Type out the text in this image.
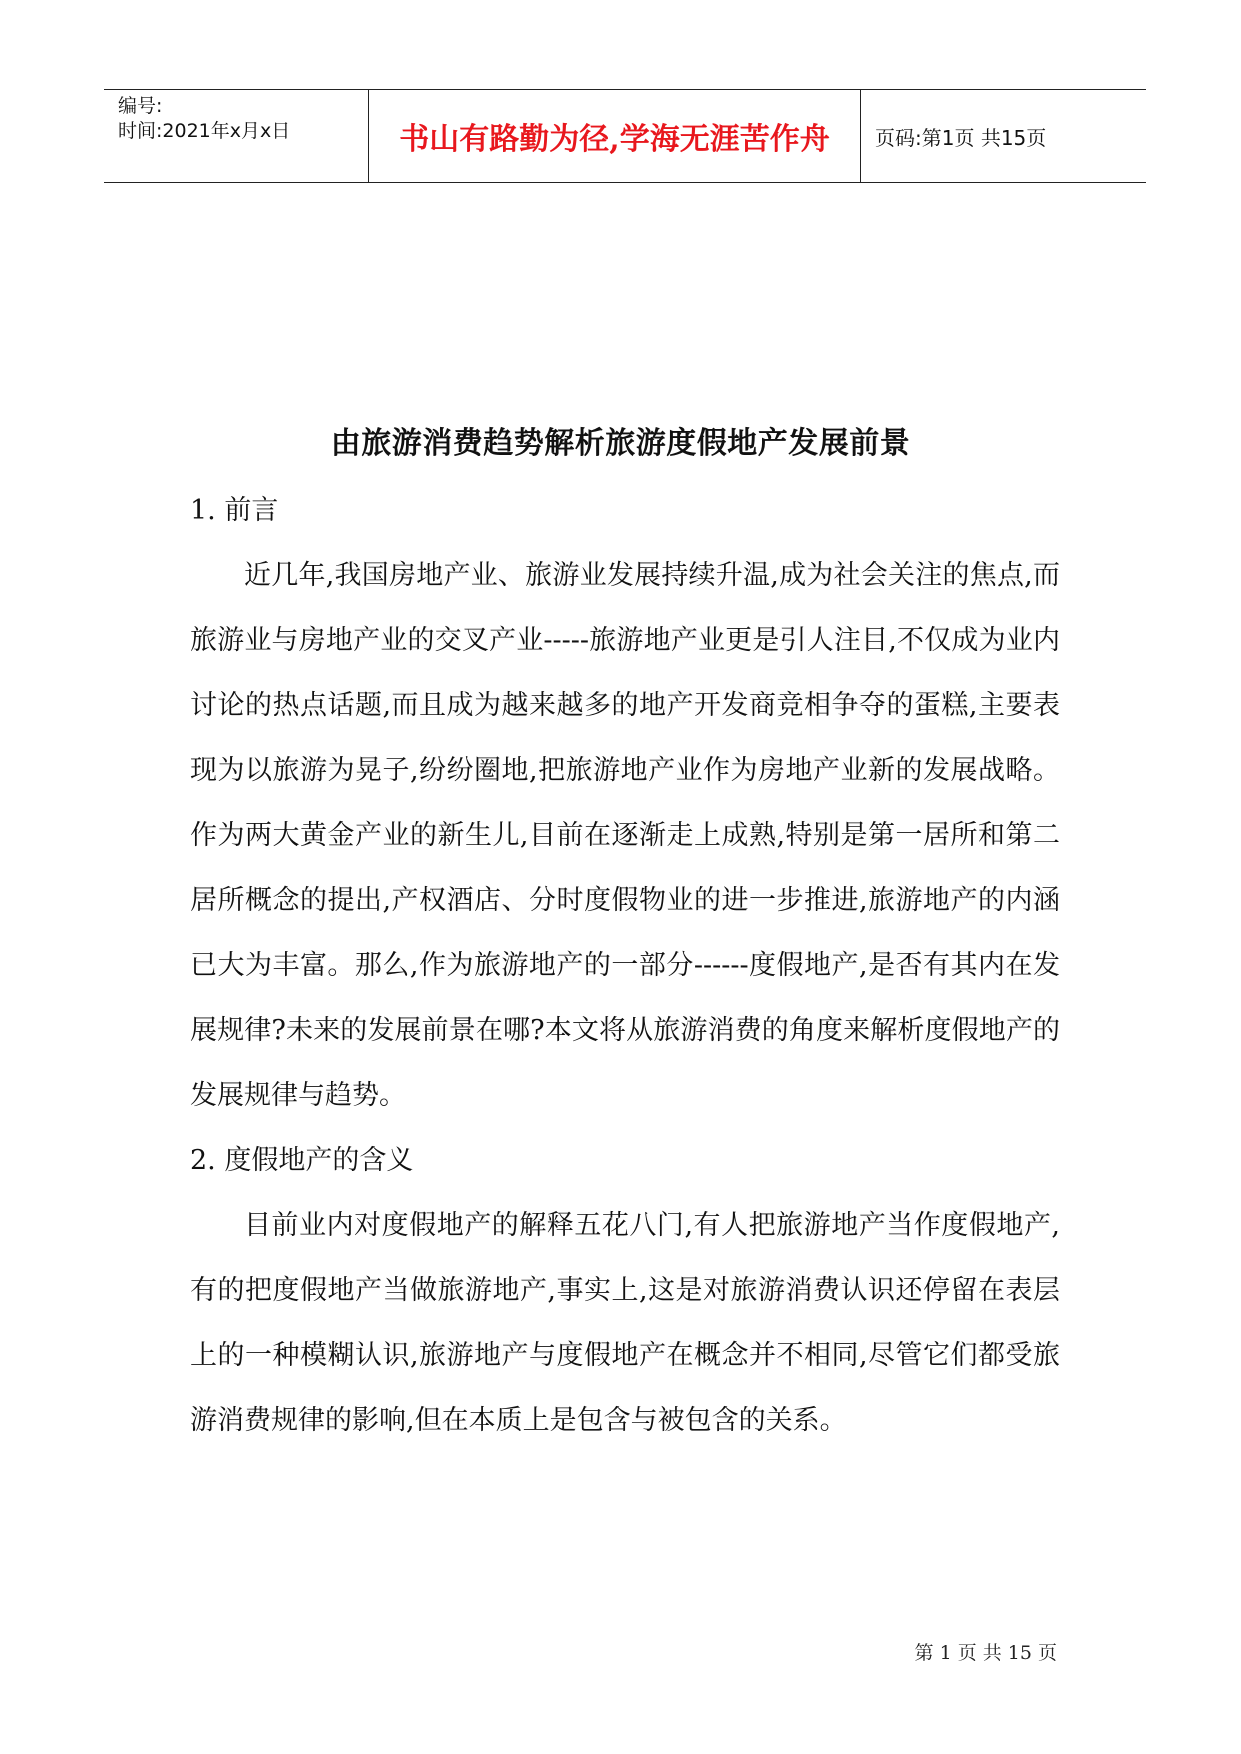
编号:
时间:2021年x月x日	书山有路勤为径,学海无涯苦作舟	页码:第1页 共15页
由旅游消费趋势解析旅游度假地产发展前景

1. 前言

近几年,我国房地产业、旅游业发展持续升温,成为社会关注的焦点,而旅游业与房地产业的交叉产业-----旅游地产业更是引人注目,不仅成为业内讨论的热点话题,而且成为越来越多的地产开发商竞相争夺的蛋糕,主要表现为以旅游为晃子,纷纷圈地,把旅游地产业作为房地产业新的发展战略。作为两大黄金产业的新生儿,目前在逐渐走上成熟,特别是第一居所和第二居所概念的提出,产权酒店、分时度假物业的进一步推进,旅游地产的内涵已大为丰富。那么,作为旅游地产的一部分------度假地产,是否有其内在发展规律?未来的发展前景在哪?本文将从旅游消费的角度来解析度假地产的发展规律与趋势。

2. 度假地产的含义

目前业内对度假地产的解释五花八门,有人把旅游地产当作度假地产,有的把度假地产当做旅游地产,事实上,这是对旅游消费认识还停留在表层上的一种模糊认识,旅游地产与度假地产在概念并不相同,尽管它们都受旅游消费规律的影响,但在本质上是包含与被包含的关系。

第 1 页 共 15 页
